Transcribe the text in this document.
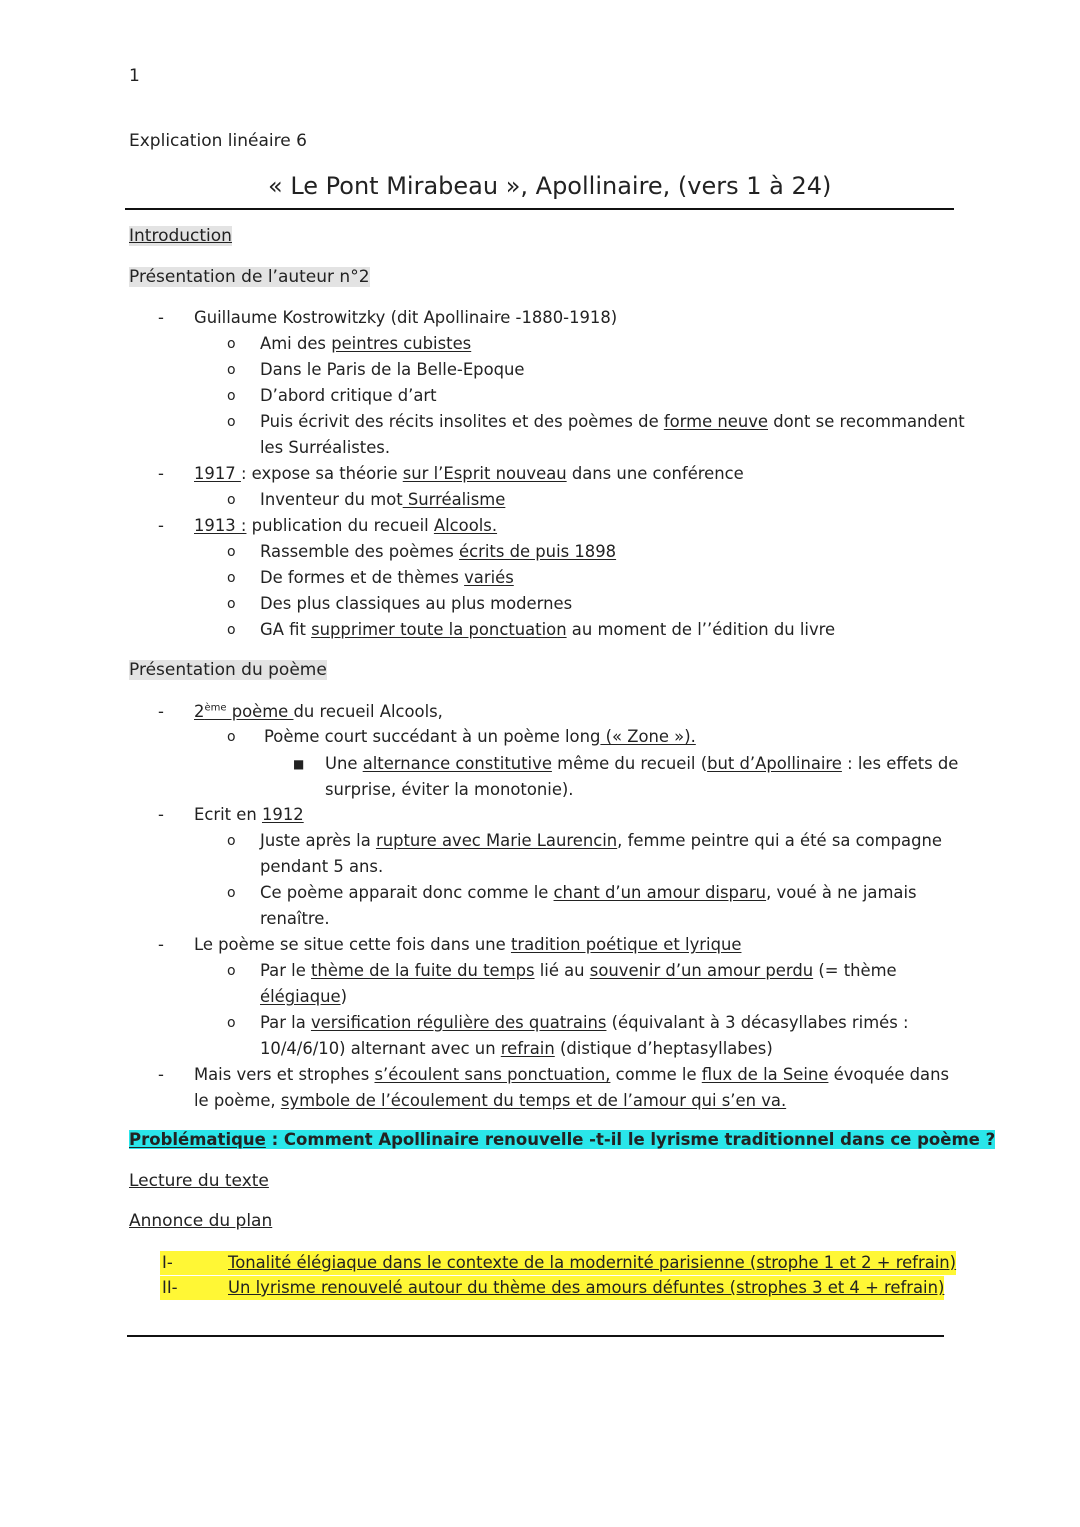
1
Explication linéaire 6
« Le Pont Mirabeau », Apollinaire, (vers 1 à 24)
Introduction
Présentation de l’auteur n°2
- Guillaume Kostrowitzky (dit Apollinaire -1880-1918)
o Ami des peintres cubistes
o Dans le Paris de la Belle-Epoque
o D’abord critique d’art
o Puis écrivit des récits insolites et des poèmes de forme neuve dont se recommandent
les Surréalistes.
- 1917 : expose sa théorie sur l’Esprit nouveau dans une conférence
o Inventeur du mot Surréalisme
- 1913 : publication du recueil Alcools.
o Rassemble des poèmes écrits de puis 1898
o De formes et de thèmes variés
o Des plus classiques au plus modernes
o GA fit supprimer toute la ponctuation au moment de l’’édition du livre
Présentation du poème
- 2ème poème du recueil Alcools,
o Poème court succédant à un poème long (« Zone »).
■ Une alternance constitutive même du recueil (but d’Apollinaire : les effets de
surprise, éviter la monotonie).
- Ecrit en 1912
o Juste après la rupture avec Marie Laurencin, femme peintre qui a été sa compagne
pendant 5 ans.
o Ce poème apparait donc comme le chant d’un amour disparu, voué à ne jamais
renaître.
- Le poème se situe cette fois dans une tradition poétique et lyrique
o Par le thème de la fuite du temps lié au souvenir d’un amour perdu (= thème
élégiaque)
o Par la versification régulière des quatrains (équivalant à 3 décasyllabes rimés :
10/4/6/10) alternant avec un refrain (distique d’heptasyllabes)
- Mais vers et strophes s’écoulent sans ponctuation, comme le flux de la Seine évoquée dans
le poème, symbole de l’écoulement du temps et de l’amour qui s’en va.
Problématique : Comment Apollinaire renouvelle -t-il le lyrisme traditionnel dans ce poème ?
Lecture du texte
Annonce du plan
I-	Tonalité élégiaque dans le contexte de la modernité parisienne (strophe 1 et 2 + refrain)
II-	Un lyrisme renouvelé autour du thème des amours défuntes (strophes 3 et 4 + refrain)
